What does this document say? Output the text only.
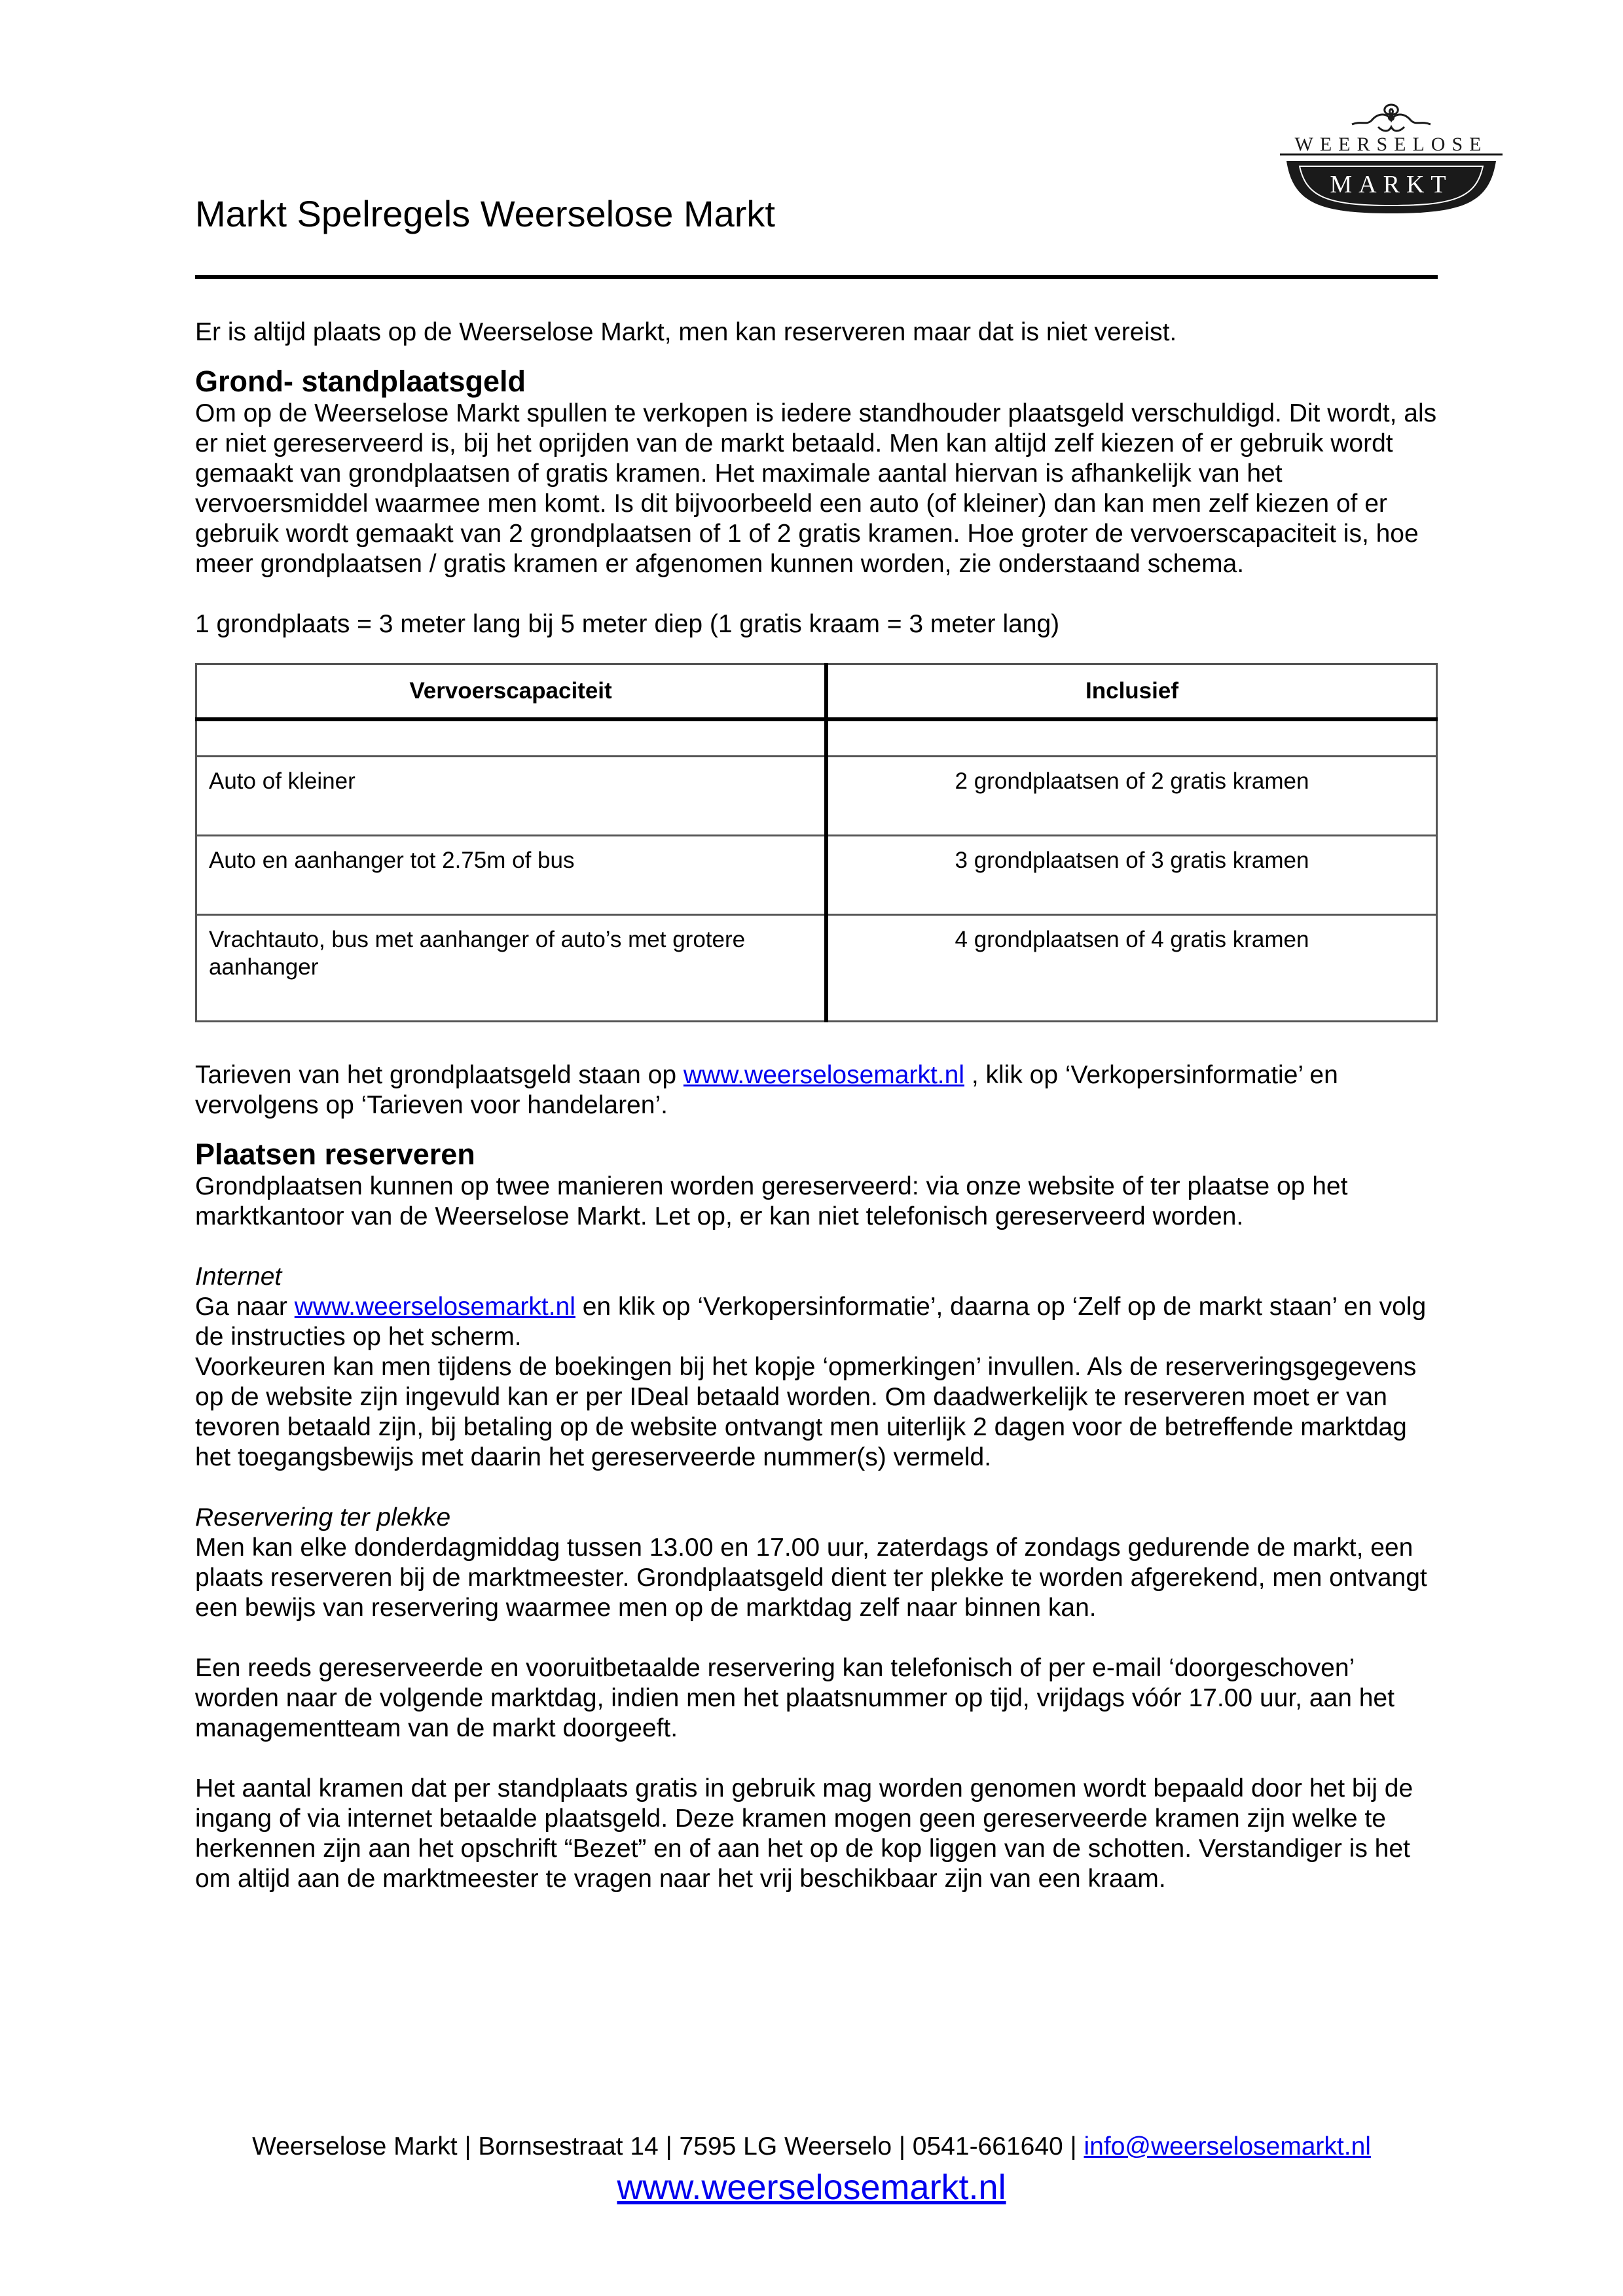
WEERSELOSE
MARKT
Markt Spelregels Weerselose Markt

Er is altijd plaats op de Weerselose Markt, men kan reserveren maar dat is niet vereist.

Grond- standplaatsgeld

Om op de Weerselose Markt spullen te verkopen is iedere standhouder plaatsgeld verschuldigd. Dit wordt, als er niet gereserveerd is, bij het oprijden van de markt betaald. Men kan altijd zelf kiezen of er gebruik wordt gemaakt van grondplaatsen of gratis kramen. Het maximale aantal hiervan is afhankelijk van het vervoersmiddel waarmee men komt. Is dit bijvoorbeeld een auto (of kleiner) dan kan men zelf kiezen of er gebruik wordt gemaakt van 2 grondplaatsen of 1 of 2 gratis kramen. Hoe groter de vervoerscapaciteit is, hoe meer grondplaatsen / gratis kramen er afgenomen kunnen worden, zie onderstaand schema.

1 grondplaats = 3 meter lang bij 5 meter diep (1 gratis kraam = 3 meter lang)

Vervoerscapaciteit	Inclusief

Auto of kleiner	2 grondplaatsen of 2 gratis kramen
Auto en aanhanger tot 2.75m of bus	3 grondplaatsen of 3 gratis kramen
Vrachtauto, bus met aanhanger of auto’s met grotere aanhanger	4 grondplaatsen of 4 gratis kramen

Tarieven van het grondplaatsgeld staan op www.weerselosemarkt.nl , klik op ‘Verkopersinformatie’ en vervolgens op ‘Tarieven voor handelaren’.

Plaatsen reserveren

Grondplaatsen kunnen op twee manieren worden gereserveerd: via onze website of ter plaatse op het marktkantoor van de Weerselose Markt. Let op, er kan niet telefonisch gereserveerd worden.

Internet

Ga naar www.weerselosemarkt.nl en klik op ‘Verkopersinformatie’, daarna op ‘Zelf op de markt staan’ en volg de instructies op het scherm.

Voorkeuren kan men tijdens de boekingen bij het kopje ‘opmerkingen’ invullen. Als de reserveringsgegevens op de website zijn ingevuld kan er per IDeal betaald worden. Om daadwerkelijk te reserveren moet er van tevoren betaald zijn, bij betaling op de website ontvangt men uiterlijk 2 dagen voor de betreffende marktdag het toegangsbewijs met daarin het gereserveerde nummer(s) vermeld.

Reservering ter plekke

Men kan elke donderdagmiddag tussen 13.00 en 17.00 uur, zaterdags of zondags gedurende de markt, een plaats reserveren bij de marktmeester. Grondplaatsgeld dient ter plekke te worden afgerekend, men ontvangt een bewijs van reservering waarmee men op de marktdag zelf naar binnen kan.

Een reeds gereserveerde en vooruitbetaalde reservering kan telefonisch of per e-mail ‘doorgeschoven’ worden naar de volgende marktdag, indien men het plaatsnummer op tijd, vrijdags vóór 17.00 uur, aan het managementteam van de markt doorgeeft.

Het aantal kramen dat per standplaats gratis in gebruik mag worden genomen wordt bepaald door het bij de ingang of via internet betaalde plaatsgeld. Deze kramen mogen geen gereserveerde kramen zijn welke te herkennen zijn aan het opschrift “Bezet” en of aan het op de kop liggen van de schotten. Verstandiger is het om altijd aan de marktmeester te vragen naar het vrij beschikbaar zijn van een kraam.

Weerselose Markt | Bornsestraat 14 | 7595 LG Weerselo | 0541-661640 | info@weerselosemarkt.nl
www.weerselosemarkt.nl
